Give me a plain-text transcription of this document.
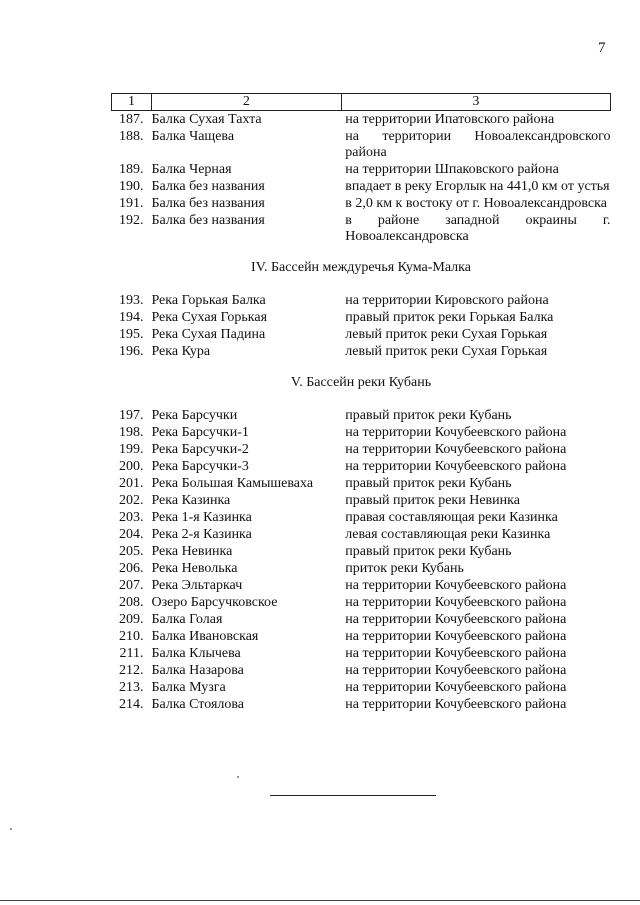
7
1	2	3
187.	Балка Сухая Тахта	на территории Ипатовского района
188.	Балка Чащева	на территории Новоалександровского района
189.	Балка Черная	на территории Шпаковского района
190.	Балка без названия	впадает в реку Егорлык на 441,0 км от устья
191.	Балка без названия	в 2,0 км к востоку от г. Новоалександровска
192.	Балка без названия	в районе западной окраины г. Новоалександровска
IV. Бассейн междуречья Кума-Малка		
193.	Река Горькая Балка	на территории Кировского района
194.	Река Сухая Горькая	правый приток реки Горькая Балка
195.	Река Сухая Падина	левый приток реки Сухая Горькая
196.	Река Кура	левый приток реки Сухая Горькая
V. Бассейн реки Кубань		
197.	Река Барсучки	правый приток реки Кубань
198.	Река Барсучки-1	на территории Кочубеевского района
199.	Река Барсучки-2	на территории Кочубеевского района
200.	Река Барсучки-3	на территории Кочубеевского района
201.	Река Большая Камышеваха	правый приток реки Кубань
202.	Река Казинка	правый приток реки Невинка
203.	Река 1-я Казинка	правая составляющая реки Казинка
204.	Река 2-я Казинка	левая составляющая реки Казинка
205.	Река Невинка	правый приток реки Кубань
206.	Река Неволька	приток реки Кубань
207.	Река Эльтаркач	на территории Кочубеевского района
208.	Озеро Барсучковское	на территории Кочубеевского района
209.	Балка Голая	на территории Кочубеевского района
210.	Балка Ивановская	на территории Кочубеевского района
211.	Балка Клычева	на территории Кочубеевского района
212.	Балка Назарова	на территории Кочубеевского района
213.	Балка Музга	на территории Кочубеевского района
214.	Балка Стоялова	на территории Кочубеевского района
